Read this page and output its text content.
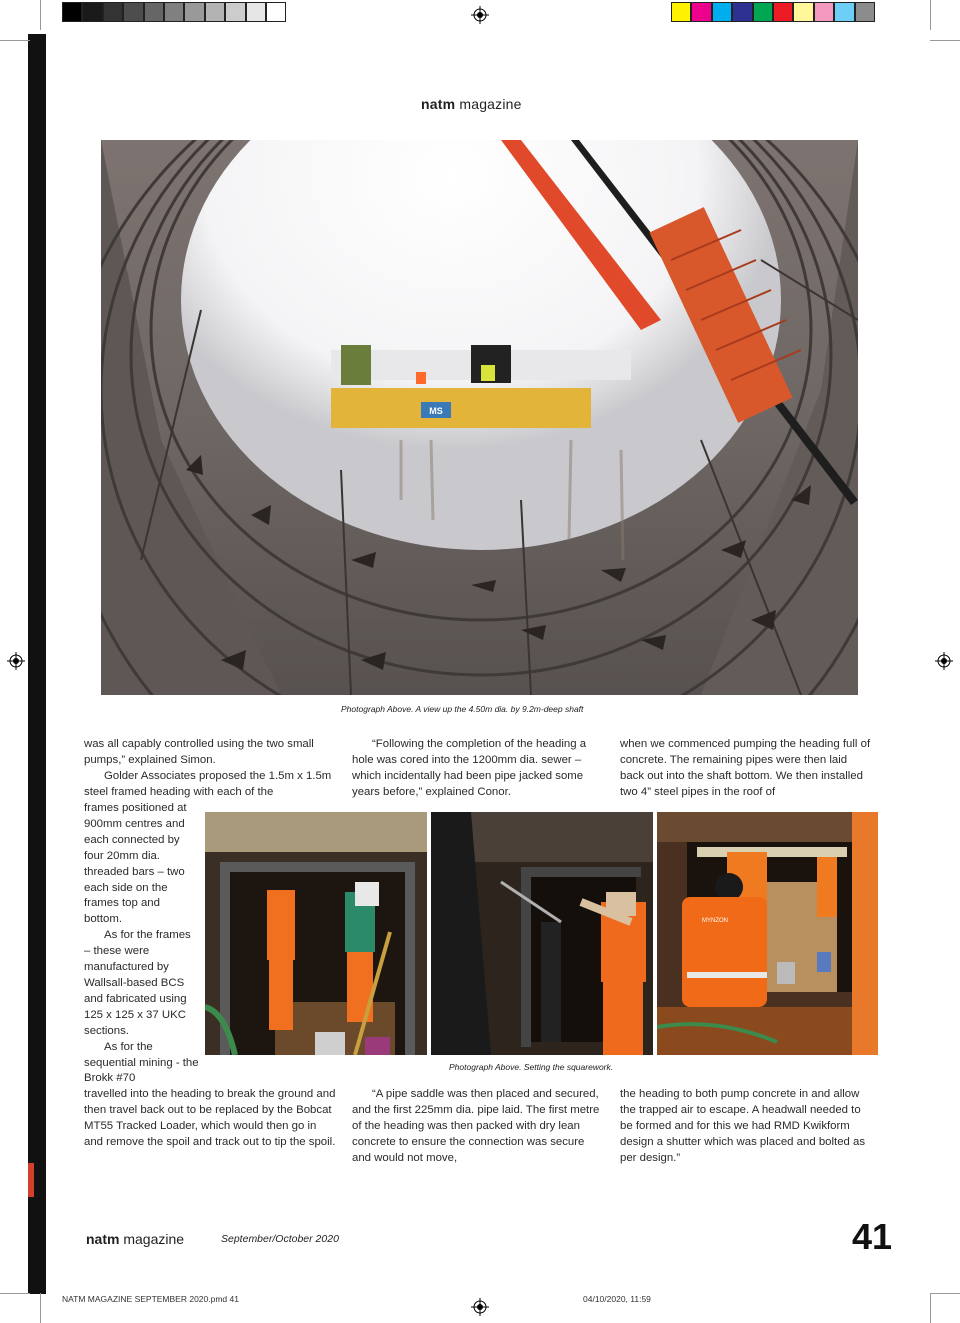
natm magazine
MS
Photograph Above. A view up the 4.50m dia. by 9.2m-deep shaft

was all capably controlled using the two small pumps,” explained Simon.

Golder Associates proposed the 1.5m x 1.5m steel framed heading with each of the

frames positioned at 900mm centres and each connected by four 20mm dia. threaded bars – two each side on the frames top and bottom.

As for the frames – these were manufactured by Wallsall-based BCS and fabricated using 125 x 125 x 37 UKC sections.

As for the sequential mining - the Brokk #70

travelled into the heading to break the ground and then travel back out to be replaced by the Bobcat MT55 Tracked Loader, which would then go in and remove the spoil and track out to tip the spoil.

“Following the completion of the heading a hole was cored into the 1200mm dia. sewer – which incidentally had been pipe jacked some years before,” explained Conor.

“A pipe saddle was then placed and secured, and the first 225mm dia. pipe laid. The first metre of the heading was then packed with dry lean concrete to ensure the connection was secure and would not move,

when we commenced pumping the heading full of concrete. The remaining pipes were then laid back out into the shaft bottom. We then installed two 4” steel pipes in the roof of

the heading to both pump concrete in and allow the trapped air to escape. A headwall needed to be formed and for this we had RMD Kwikform design a shutter which was placed and bolted as per design.”

MYNZON
Photograph Above. Setting the squarework.
natm magazine	September/October 2020	41
NATM MAGAZINE SEPTEMBER 2020.pmd 41	04/10/2020, 11:59
